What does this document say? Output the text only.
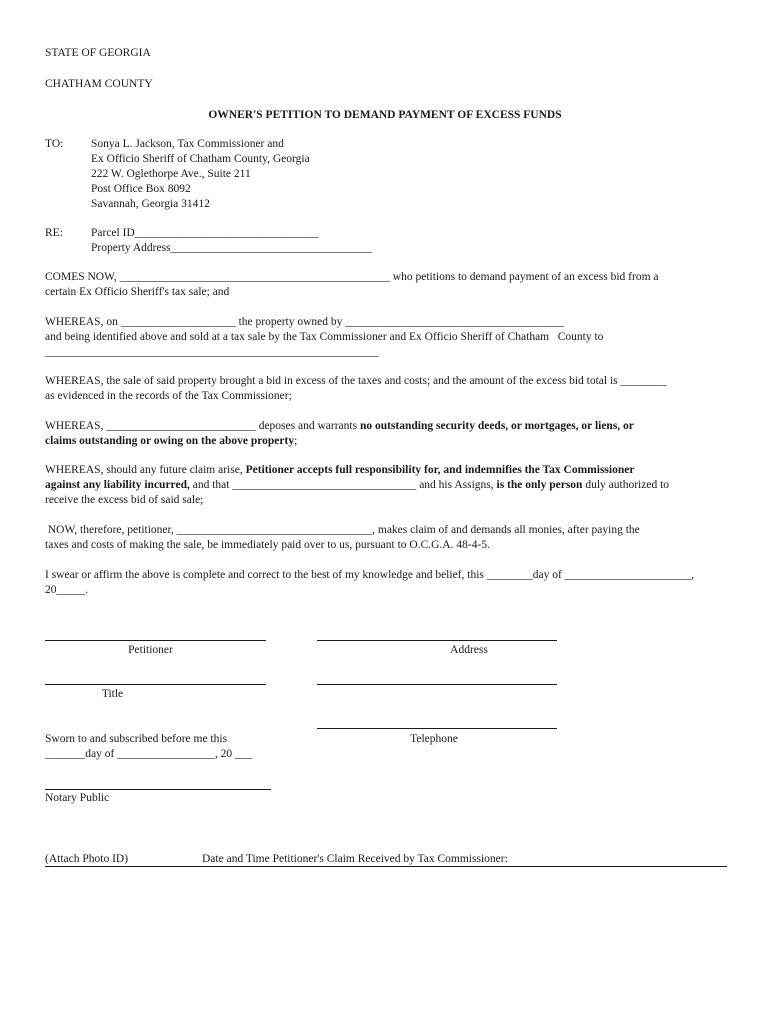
STATE OF GEORGIA
CHATHAM COUNTY
OWNER'S PETITION TO DEMAND PAYMENT OF EXCESS FUNDS
TO: Sonya L. Jackson, Tax Commissioner and
Ex Officio Sheriff of Chatham County, Georgia
222 W. Oglethorpe Ave., Suite 211
Post Office Box 8092
Savannah, Georgia 31412
RE: Parcel ID________________________________
Property Address___________________________________
COMES NOW, _______________________________________________ who petitions to demand payment of an excess bid from a
certain Ex Officio Sheriff's tax sale; and
WHEREAS, on ____________________ the property owned by ______________________________________
and being identified above and sold at a tax sale by the Tax Commissioner and Ex Officio Sheriff of Chatham   County to
__________________________________________________________
WHEREAS, the sale of said property brought a bid in excess of the taxes and costs; and the amount of the excess bid total is ________
as evidenced in the records of the Tax Commissioner;
WHEREAS, __________________________ deposes and warrants no outstanding security deeds, or mortgages, or liens, or
claims outstanding or owing on the above property;
WHEREAS, should any future claim arise, Petitioner accepts full responsibility for, and indemnifies the Tax Commissioner
against any liability incurred, and that ________________________________ and his Assigns, is the only person duly authorized to
receive the excess bid of said sale;
NOW, therefore, petitioner, __________________________________, makes claim of and demands all monies, after paying the
taxes and costs of making the sale, be immediately paid over to us, pursuant to O.C.G.A. 48-4-5.
I swear or affirm the above is complete and correct to the best of my knowledge and belief, this ________day of ______________________,
20_____.
Petitioner	Address
Title
Telephone
Sworn to and subscribed before me this
_______day of _________________, 20 ___
Notary Public
(Attach Photo ID)	Date and Time Petitioner's Claim Received by Tax Commissioner:
